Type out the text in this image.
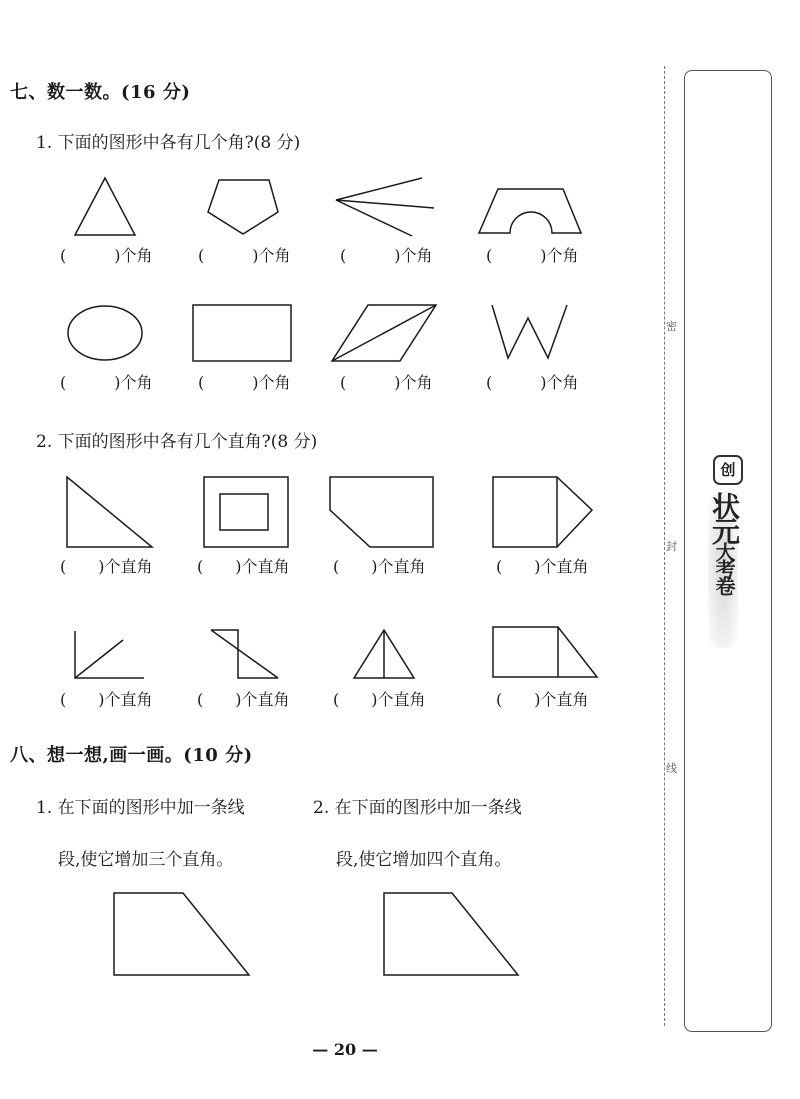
七、数一数。(16 分)
1. 下面的图形中各有几个角?(8 分)
(　　　)个角	(　　　)个角	(　　　)个角	(　　　)个角
(　　　)个角	(　　　)个角	(　　　)个角	(　　　)个角
2. 下面的图形中各有几个直角?(8 分)
(　　)个直角	(　　)个直角	(　　)个直角	(　　)个直角
(　　)个直角	(　　)个直角	(　　)个直角	(　　)个直角
八、想一想,画一画。(10 分)
1. 在下面的图形中加一条线
段,使它增加三个直角。
2. 在下面的图形中加一条线
段,使它增加四个直角。
密
封
线
创
状元大考卷
— 20 —
